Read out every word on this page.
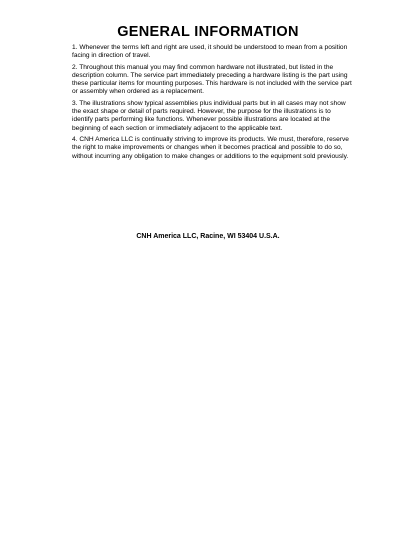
GENERAL INFORMATION

1. Whenever the terms left and right are used, it should be understood to mean from a position facing in direction of travel.

2. Throughout this manual you may find common hardware not illustrated, but listed in the description column. The service part immediately preceding a hardware listing is the part using these particular items for mounting purposes. This hardware is not included with the service part or assembly when ordered as a replacement.

3. The illustrations show typical assemblies plus individual parts but in all cases may not show the exact shape or detail of parts required. However, the purpose for the illustrations is to identify parts performing like functions. Whenever possible illustrations are located at the beginning of each section or immediately adjacent to the applicable text.

4. CNH America LLC is continually striving to improve its products. We must, therefore, reserve the right to make improvements or changes when it becomes practical and possible to do so, without incurring any obligation to make changes or additions to the equipment sold previously.

CNH America LLC, Racine, WI 53404 U.S.A.
